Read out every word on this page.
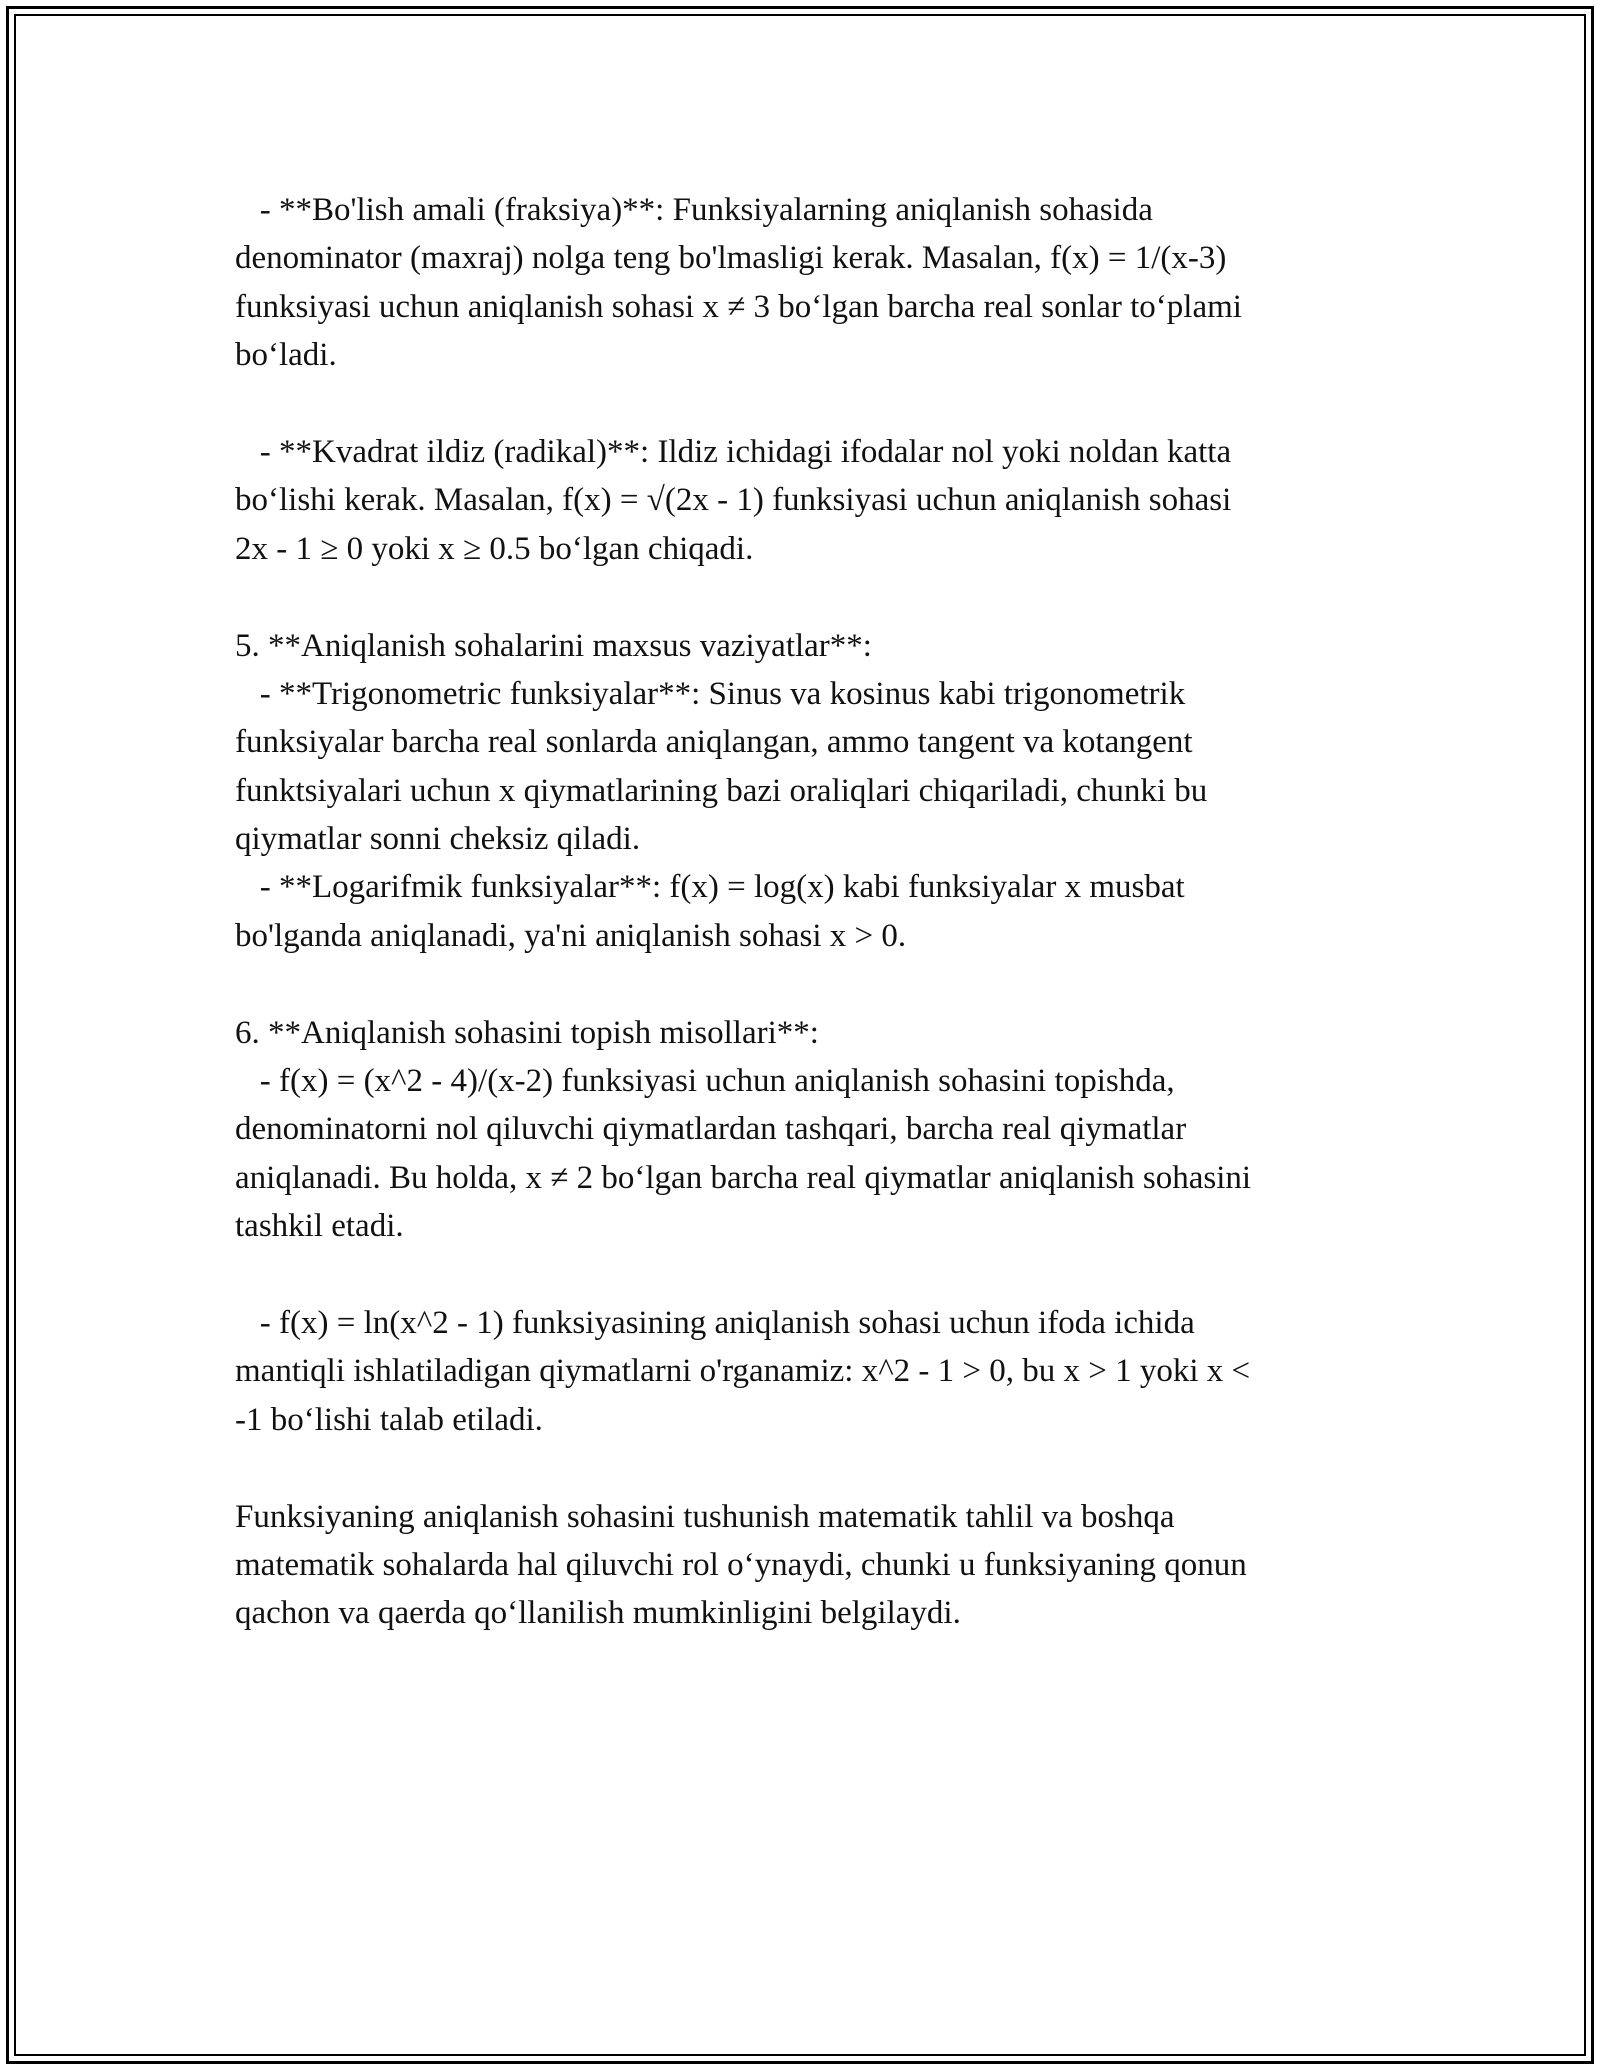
- **Bo'lish amali (fraksiya)**: Funksiyalarning aniqlanish sohasida
denominator (maxraj) nolga teng bo'lmasligi kerak. Masalan, f(x) = 1/(x-3)
funksiyasi uchun aniqlanish sohasi x ≠ 3 bo‘lgan barcha real sonlar to‘plami
bo‘ladi.
- **Kvadrat ildiz (radikal)**: Ildiz ichidagi ifodalar nol yoki noldan katta
bo‘lishi kerak. Masalan, f(x) = √(2x - 1) funksiyasi uchun aniqlanish sohasi
2x - 1 ≥ 0 yoki x ≥ 0.5 bo‘lgan chiqadi.
5. **Aniqlanish sohalarini maxsus vaziyatlar**:
- **Trigonometric funksiyalar**: Sinus va kosinus kabi trigonometrik
funksiyalar barcha real sonlarda aniqlangan, ammo tangent va kotangent
funktsiyalari uchun x qiymatlarining bazi oraliqlari chiqariladi, chunki bu
qiymatlar sonni cheksiz qiladi.
- **Logarifmik funksiyalar**: f(x) = log(x) kabi funksiyalar x musbat
bo'lganda aniqlanadi, ya'ni aniqlanish sohasi x > 0.
6. **Aniqlanish sohasini topish misollari**:
- f(x) = (x^2 - 4)/(x-2) funksiyasi uchun aniqlanish sohasini topishda,
denominatorni nol qiluvchi qiymatlardan tashqari, barcha real qiymatlar
aniqlanadi. Bu holda, x ≠ 2 bo‘lgan barcha real qiymatlar aniqlanish sohasini
tashkil etadi.
- f(x) = ln(x^2 - 1) funksiyasining aniqlanish sohasi uchun ifoda ichida
mantiqli ishlatiladigan qiymatlarni o'rganamiz: x^2 - 1 > 0, bu x > 1 yoki x <
-1 bo‘lishi talab etiladi.
Funksiyaning aniqlanish sohasini tushunish matematik tahlil va boshqa
matematik sohalarda hal qiluvchi rol o‘ynaydi, chunki u funksiyaning qonun
qachon va qaerda qo‘llanilish mumkinligini belgilaydi.
